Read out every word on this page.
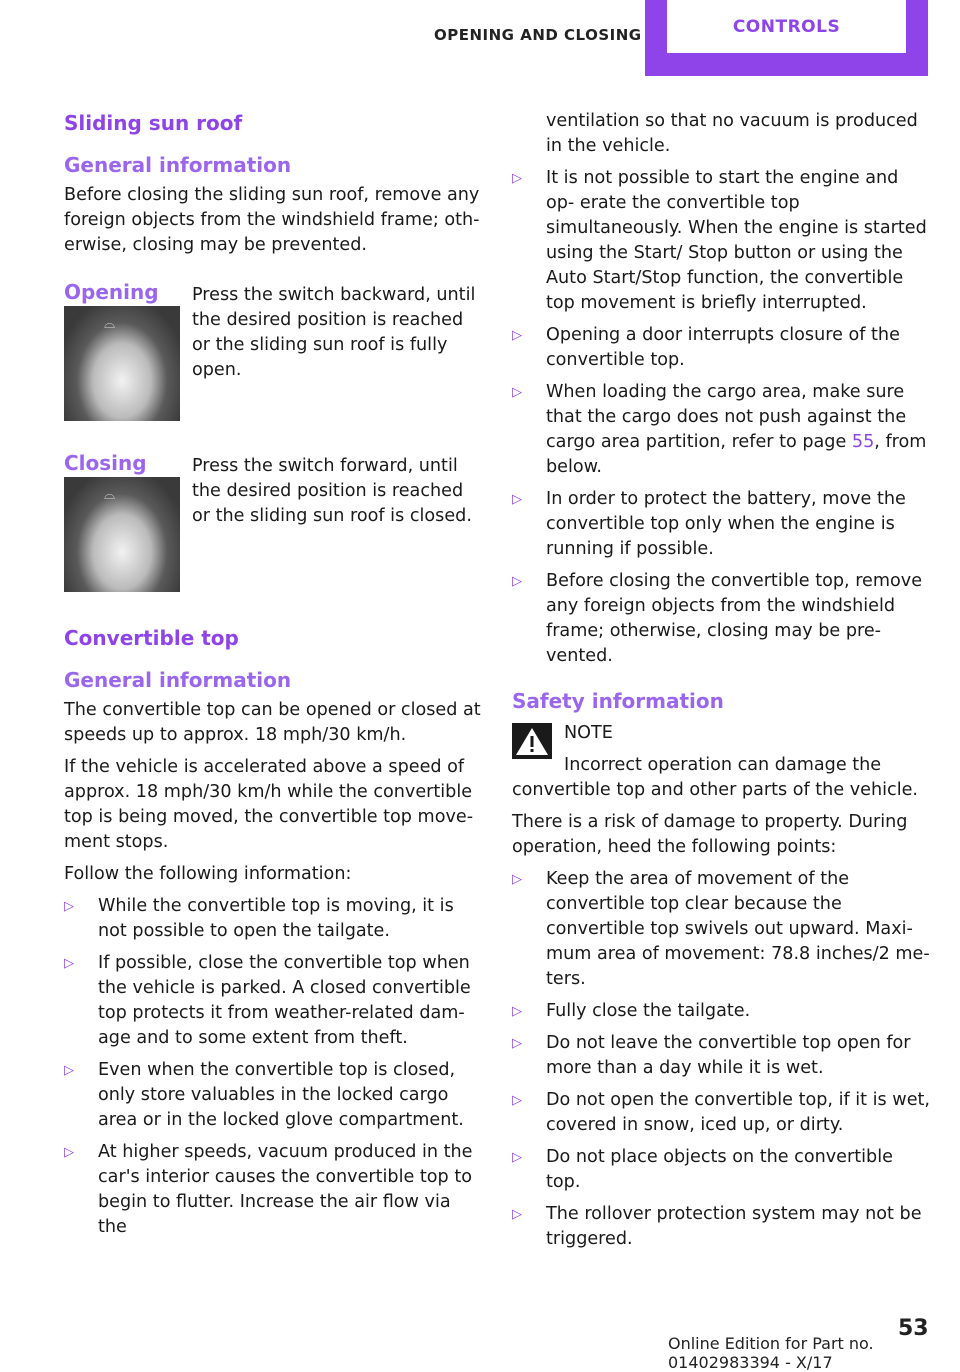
OPENING AND CLOSING	CONTROLS
Sliding sun roof
General information

Before closing the sliding sun roof, remove any foreign objects from the windshield frame; oth‐ erwise, closing may be prevented.

Opening
⌓
Press the switch backward, until the desired position is reached or the sliding sun roof is fully open.
Closing
⌓
Press the switch forward, until the desired position is reached or the sliding sun roof is closed.
Convertible top
General information

The convertible top can be opened or closed at speeds up to approx. 18 mph/30 km/h.

If the vehicle is accelerated above a speed of approx. 18 mph/30 km/h while the convertible top is being moved, the convertible top move‐ ment stops.

Follow the following information:

▷ While the convertible top is moving, it is not possible to open the tailgate.
▷ If possible, close the convertible top when the vehicle is parked. A closed convertible top protects it from weather-related dam‐ age and to some extent from theft.
▷ Even when the convertible top is closed, only store valuables in the locked cargo area or in the locked glove compartment.
▷ At higher speeds, vacuum produced in the car's interior causes the convertible top to begin to flutter. Increase the air flow via the
ventilation so that no vacuum is produced in the vehicle.
▷ It is not possible to start the engine and op‐ erate the convertible top simultaneously. When the engine is started using the Start/ Stop button or using the Auto Start/Stop function, the convertible top movement is briefly interrupted.
▷ Opening a door interrupts closure of the convertible top.
▷ When loading the cargo area, make sure that the cargo does not push against the cargo area partition, refer to page 55, from below.
▷ In order to protect the battery, move the convertible top only when the engine is running if possible.
▷ Before closing the convertible top, remove any foreign objects from the windshield frame; otherwise, closing may be pre‐ vented.
Safety information
NOTE
Incorrect operation can damage the

convertible top and other parts of the vehicle.

There is a risk of damage to property. During operation, heed the following points:

▷ Keep the area of movement of the convertible top clear because the convertible top swivels out upward. Maxi‐ mum area of movement: 78.8 inches/2 me‐ ters.
▷ Fully close the tailgate.
▷ Do not leave the convertible top open for more than a day while it is wet.
▷ Do not open the convertible top, if it is wet, covered in snow, iced up, or dirty.
▷ Do not place objects on the convertible top.
▷ The rollover protection system may not be triggered.
53
Online Edition for Part no. 01402983394 - X/17
